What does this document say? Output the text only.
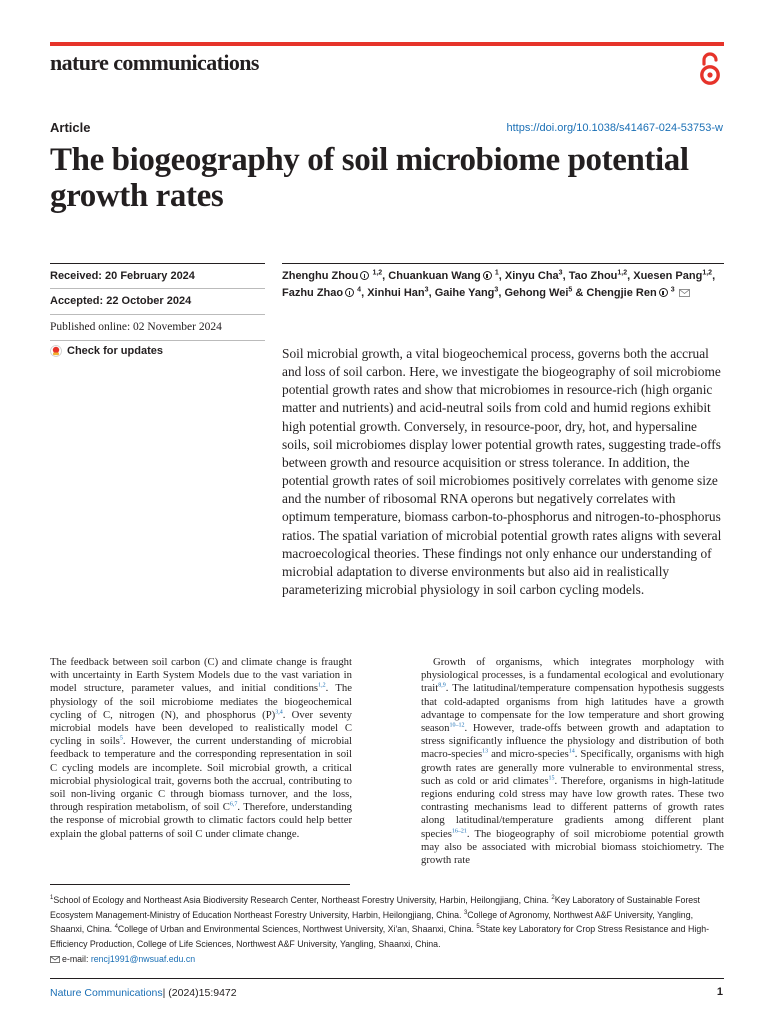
nature communications
Article	https://doi.org/10.1038/s41467-024-53753-w
The biogeography of soil microbiome potential growth rates
Received: 20 February 2024
Accepted: 22 October 2024
Published online: 02 November 2024
Check for updates
Zhenghu Zhou $^{1,2}$, Chuankuan Wang $^1$, Xinyu Cha$^3$, Tao Zhou$^{1,2}$, Xuesen Pang$^{1,2}$, Fazhu Zhao $^4$, Xinhui Han$^3$, Gaihe Yang$^3$, Gehong Wei$^5$ & Chengjie Ren $^3$
Soil microbial growth, a vital biogeochemical process, governs both the accrual and loss of soil carbon. Here, we investigate the biogeography of soil microbiome potential growth rates and show that microbiomes in resource-rich (high organic matter and nutrients) and acid-neutral soils from cold and humid regions exhibit high potential growth. Conversely, in resource-poor, dry, hot, and hypersaline soils, soil microbiomes display lower potential growth rates, suggesting trade-offs between growth and resource acquisition or stress tolerance. In addition, the potential growth rates of soil microbiomes positively correlates with genome size and the number of ribosomal RNA operons but negatively correlates with optimum temperature, biomass carbon-to-phosphorus and nitrogen-to-phosphorus ratios. The spatial variation of microbial potential growth rates aligns with several macroecological theories. These findings not only enhance our understanding of microbial adaptation to diverse environments but also aid in realistically parameterizing microbial physiology in soil carbon cycling models.
The feedback between soil carbon (C) and climate change is fraught with uncertainty in Earth System Models due to the vast variation in model structure, parameter values, and initial conditions$^{1,2}$. The physiology of the soil microbiome mediates the biogeochemical cycling of C, nitrogen (N), and phosphorus $(P)^{3,4}$. Over seventy microbial models have been developed to realistically model C cycling in soils$^5$. However, the current understanding of microbial feedback to temperature and the corresponding representation in soil C cycling models are incomplete. Soil microbial growth, a critical microbial physiological trait, governs both the accrual, contributing to soil non-living organic C through biomass turnover, and the loss, through respiration metabolism, of soil C$^{6,7}$. Therefore, understanding the response of microbial growth to climatic factors could help better explain the global patterns of soil C under climate change.
Growth of organisms, which integrates morphology with physiological processes, is a fundamental ecological and evolutionary trait$^{8,9}$. The latitudinal/temperature compensation hypothesis suggests that cold-adapted organisms from high latitudes have a growth advantage to compensate for the low temperature and short growing season$^{10-12}$. However, trade-offs between growth and adaptation to stress significantly influence the physiology and distribution of both macro-species$^{13}$ and micro-species$^{14}$. Specifically, organisms with high growth rates are generally more vulnerable to environmental stress, such as cold or arid climates$^{15}$. Therefore, organisms in high-latitude regions enduring cold stress may have low growth rates. These two contrasting mechanisms lead to different patterns of growth rates along latitudinal/temperature gradients among different plant species$^{16-21}$. The biogeography of soil microbiome potential growth may also be associated with microbial biomass stoichiometry. The growth rate
$^1$School of Ecology and Northeast Asia Biodiversity Research Center, Northeast Forestry University, Harbin, Heilongjiang, China. $^2$Key Laboratory of Sustainable Forest Ecosystem Management-Ministry of Education Northeast Forestry University, Harbin, Heilongjiang, China. $^3$College of Agronomy, Northwest A&F University, Yangling, Shaanxi, China. $^4$College of Urban and Environmental Sciences, Northwest University, Xi'an, Shaanxi, China. $^5$State key Laboratory for Crop Stress Resistance and High-Efficiency Production, College of Life Sciences, Northwest A&F University, Yangling, Shaanxi, China.
e-mail: rencj1991@nwsuaf.edu.cn
Nature Communications| (2024)15:9472	1
